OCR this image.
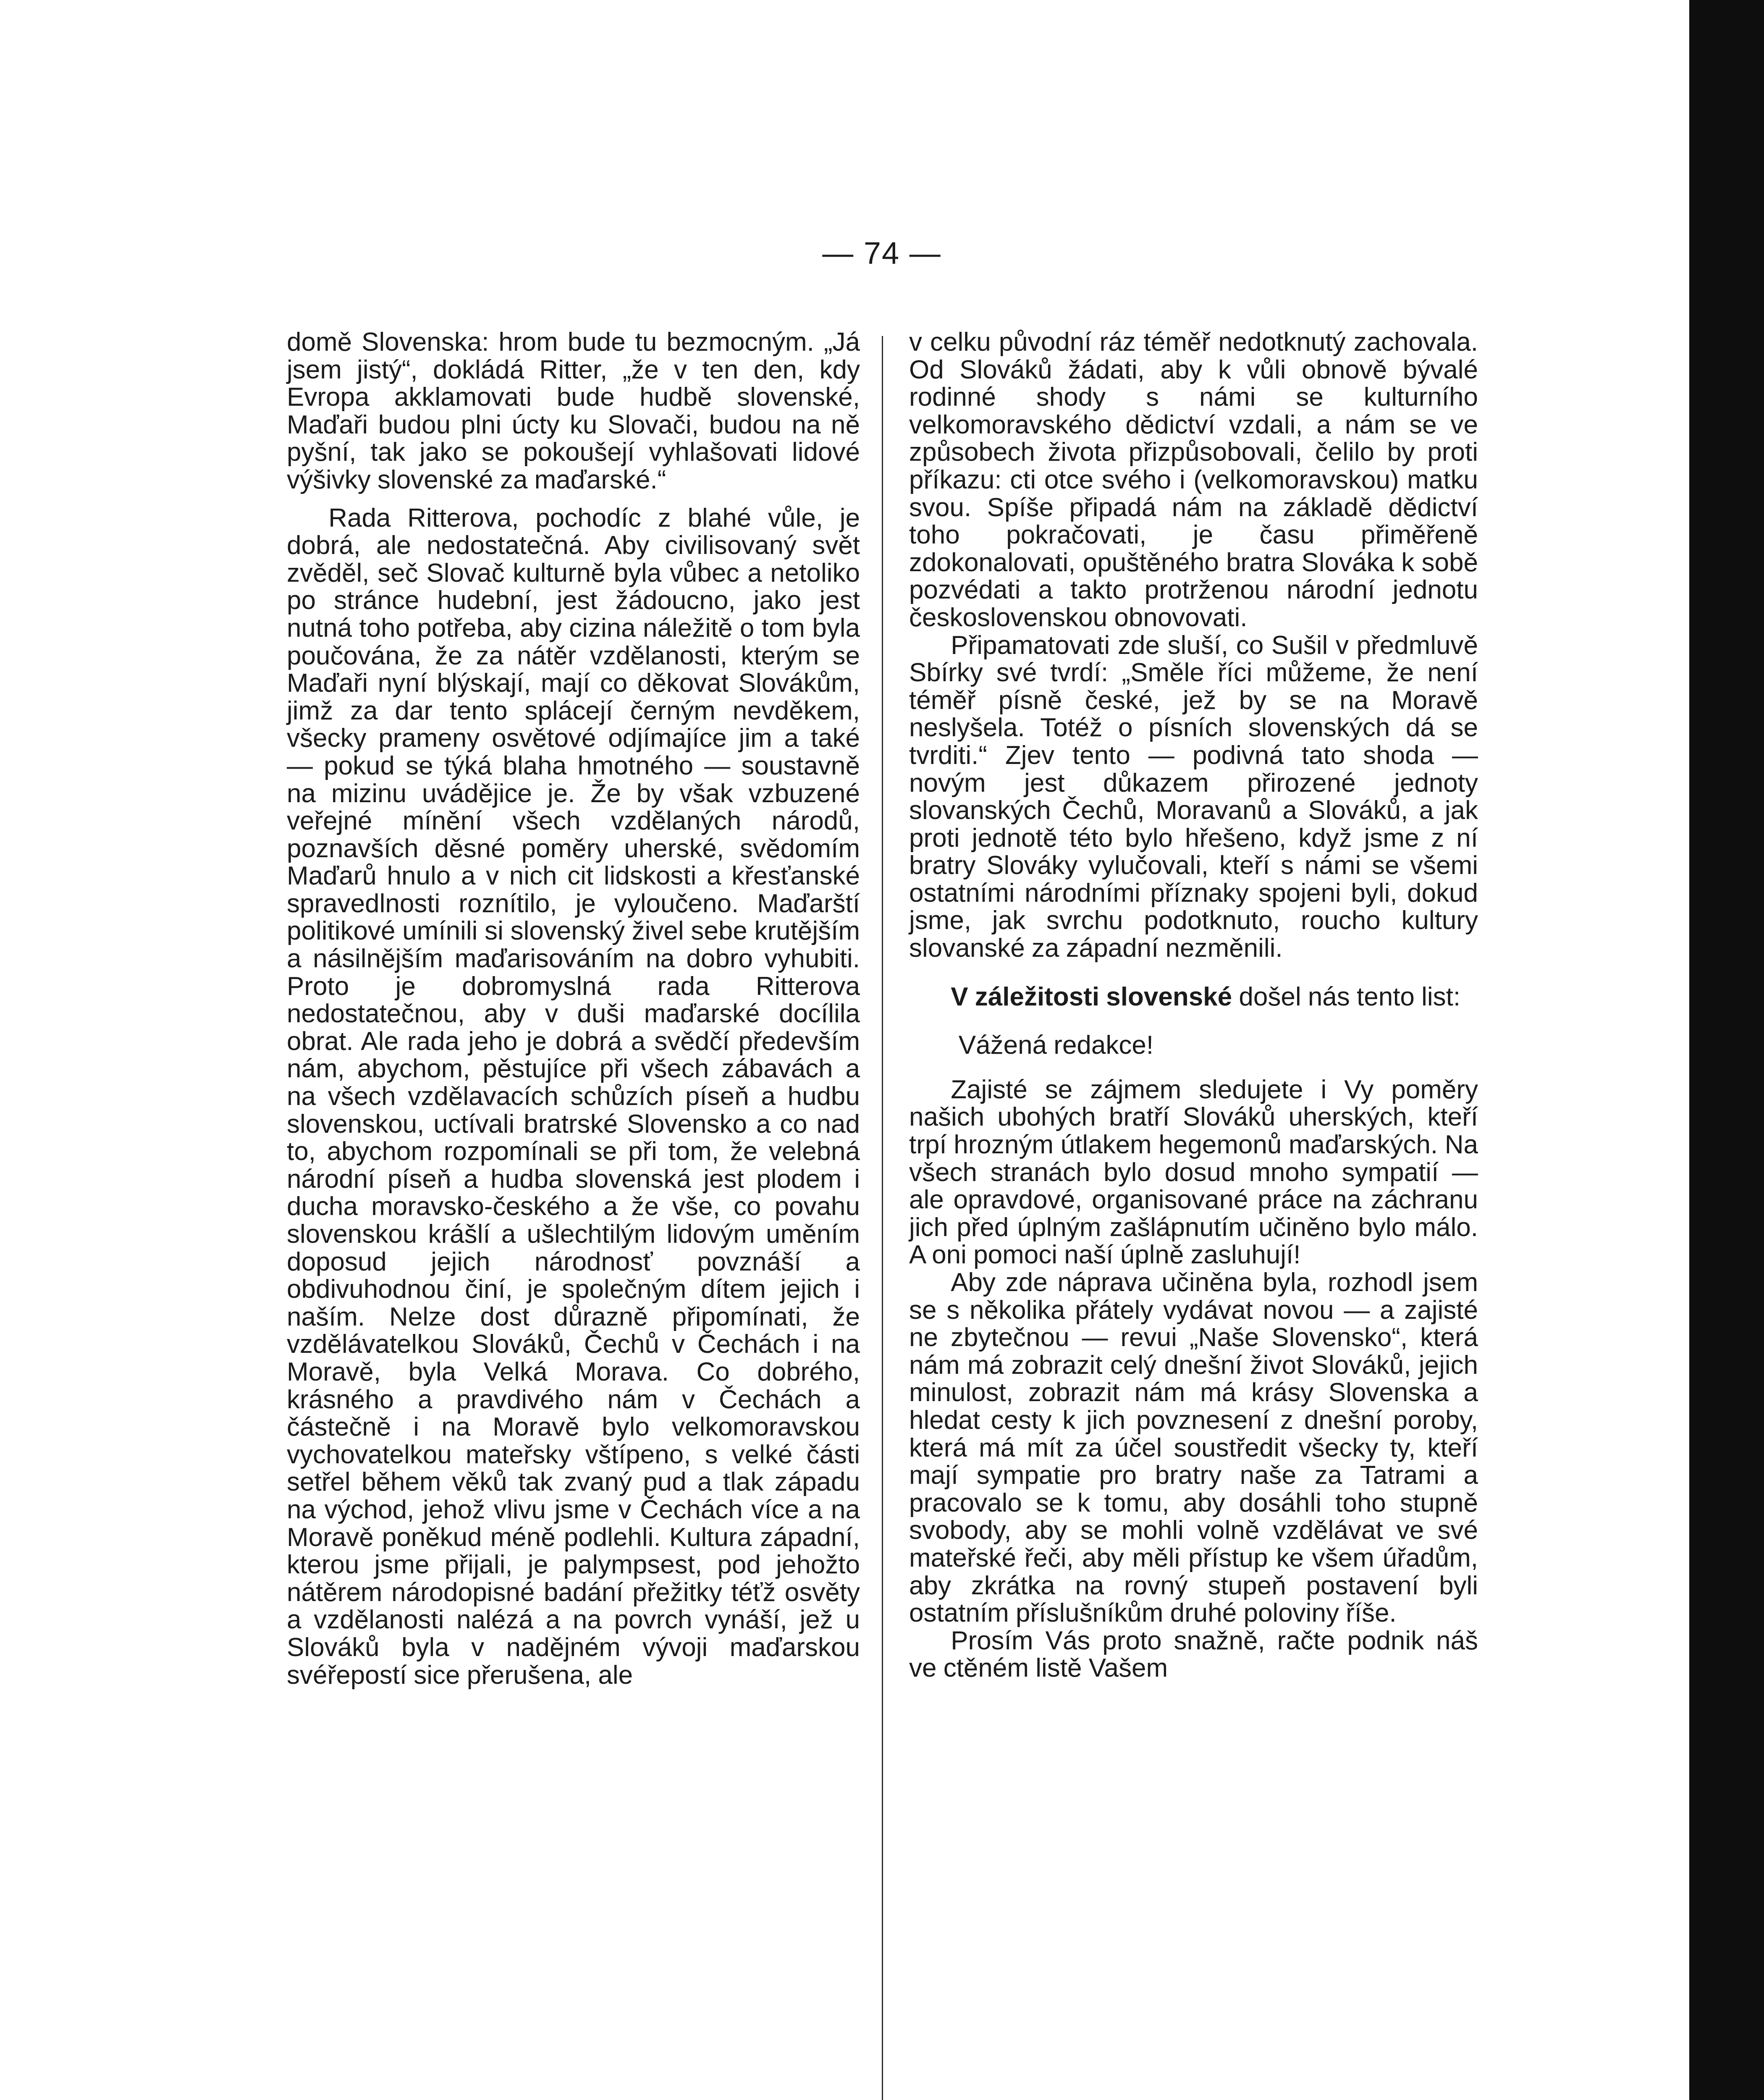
— 74 —

domě Slovenska: hrom bude tu bezmocným. „Já jsem jistý“, dokládá Ritter, „že v ten den, kdy Evropa akklamovati bude hudbě slovenské, Maďaři budou plni úcty ku Slovači, budou na ně pyšní, tak jako se pokoušejí vyhlašovati lidové výšivky slovenské za maďarské.“

Rada Ritterova, pochodíc z blahé vůle, je dobrá, ale nedostatečná. Aby civilisovaný svět zvěděl, seč Slovač kulturně byla vůbec a netoliko po stránce hudební, jest žádoucno, jako jest nutná toho potřeba, aby cizina náležitě o tom byla poučována, že za nátěr vzdělanosti, kterým se Maďaři nyní blýskají, mají co děkovat Slovákům, jimž za dar tento splácejí černým nevděkem, všecky prameny osvětové odjímajíce jim a také — pokud se týká blaha hmotného — soustavně na mizinu uváděјice je. Že by však vzbuzené veřejné mínění všech vzdělaných národů, poznavších děsné poměry uherské, svědomím Maďarů hnulo a v nich cit lidskosti a křesťanské spravedlnosti roznítilo, je vyloučeno. Maďarští politikové umínili si slovenský živel sebe krutějším a násilnějším maďarisováním na dobro vyhubiti. Proto je dobromyslná rada Ritterova nedostatečnou, aby v duši maďarské docílila obrat. Ale rada jeho je dobrá a svědčí především nám, abychom, pěstujíce při všech zábavách a na všech vzdělavacích schůzích píseň a hudbu slovenskou, uctívali bratrské Slovensko a co nad to, abychom rozpomínali se při tom, že velebná národní píseň a hudba slovenská jest plodem i ducha moravsko-českého a že vše, co povahu slovenskou krášlí a ušlechtilým lidovým uměním doposud jejich národnosť povznáší a obdivuhodnou činí, je společným dítem jejich i naším. Nelze dost důrazně připomínati, že vzdělávatelkou Slováků, Čechů v Čechách i na Moravě, byla Velká Morava. Co dobrého, krásného a pravdivého nám v Čechách a částečně i na Moravě bylo velkomoravskou vychovatelkou mateřsky vštípeno, s velké části setřel během věků tak zvaný pud a tlak západu na východ, jehož vlivu jsme v Čechách více a na Moravě poněkud méně podlehli. Kultura západní, kterou jsme přijali, je palympsest, pod jehožto nátěrem národopisné badání přežitky téťž osvěty a vzdělanosti nalézá a na povrch vynáší, jež u Slováků byla v nadějném vývoji maďarskou svéřepostí sice přerušena, ale

v celku původní ráz téměř nedotknutý zachovala. Od Slováků žádati, aby k vůli obnově bývalé rodinné shody s námi se kulturního velkomoravského dědictví vzdali, a nám se ve způsobech života přizpůsobovali, čelilo by proti příkazu: cti otce svého i (velkomoravskou) matku svou. Spíše připadá nám na základě dědictví toho pokračovati, je času přiměřeně zdokonalovati, opuštěného bratra Slováka k sobě pozvédati a takto protrženou národní jednotu československou obnovovati.

Připamatovati zde sluší, co Sušil v předmluvě Sbírky své tvrdí: „Směle říci můžeme, že není téměř písně české, jež by se na Moravě neslyšela. Totéž o písních slovenských dá se tvrditi.“ Zjev tento — podivná tato shoda — novým jest důkazem přirozené jednoty slovanských Čechů, Moravanů a Slováků, a jak proti jednotě této bylo hřešeno, když jsme z ní bratry Slováky vylučovali, kteří s námi se všemi ostatními národními příznaky spojeni byli, dokud jsme, jak svrchu podotknuto, roucho kultury slovanské za západní nezměnili.

V záležitosti slovenské došel nás tento list:

Vážená redakce!

Zajisté se zájmem sledujete i Vy poměry našich ubohých bratří Slováků uherských, kteří trpí hrozným útlakem hegemonů maďarských. Na všech stranách bylo dosud mnoho sympatií — ale opravdové, organisované práce na záchranu jich před úplným zašlápnutím učiněno bylo málo. A oni pomoci naší úplně zasluhují!

Aby zde náprava učiněna byla, rozhodl jsem se s několika přátely vydávat novou — a zajisté ne zbytečnou — revui „Naše Slovensko“, která nám má zobrazit celý dnešní život Slováků, jejich minulost, zobrazit nám má krásy Slovenska a hledat cesty k jich povznesení z dnešní poroby, která má mít za účel soustředit všecky ty, kteří mají sympatie pro bratry naše za Tatrami a pracovalo se k tomu, aby dosáhli toho stupně svobody, aby se mohli volně vzdělávat ve své mateřské řeči, aby měli přístup ke všem úřadům, aby zkrátka na rovný stupeň postavení byli ostatním příslušníkům druhé poloviny říše.

Prosím Vás proto snažně, račte podnik náš ve ctěném listě Vašem
